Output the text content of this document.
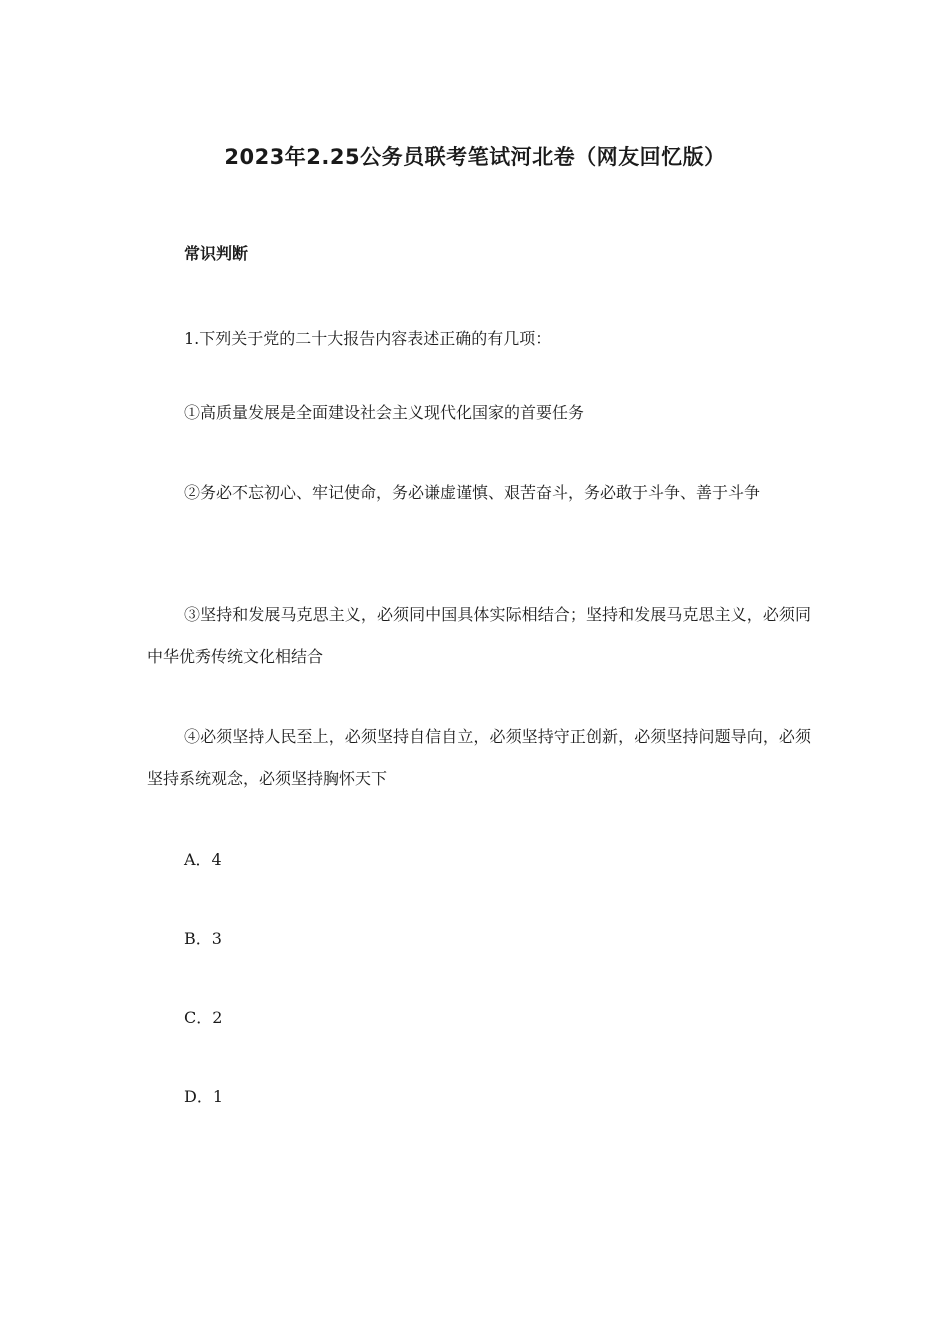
2023年2.25公务员联考笔试河北卷（网友回忆版）
常识判断

1.下列关于党的二十大报告内容表述正确的有几项：

①高质量发展是全面建设社会主义现代化国家的首要任务

②务必不忘初心、牢记使命，务必谦虚谨慎、艰苦奋斗，务必敢于斗争、善于斗争

③坚持和发展马克思主义，必须同中国具体实际相结合；坚持和发展马克思主义，必须同中华优秀传统文化相结合

④必须坚持人民至上，必须坚持自信自立，必须坚持守正创新，必须坚持问题导向，必须坚持系统观念，必须坚持胸怀天下

A．4

B．3

C．2

D．1
